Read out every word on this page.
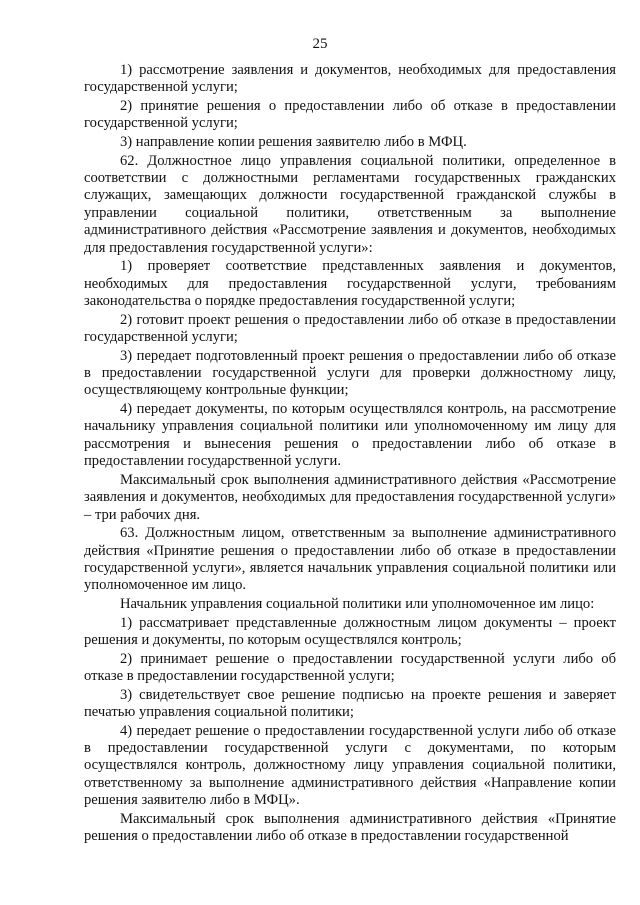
25

1) рассмотрение заявления и документов, необходимых для предоставления государственной услуги;

2) принятие решения о предоставлении либо об отказе в предоставлении государственной услуги;

3) направление копии решения заявителю либо в МФЦ.

62. Должностное лицо управления социальной политики, определенное в соответствии с должностными регламентами государственных гражданских служащих, замещающих должности государственной гражданской службы в управлении социальной политики, ответственным за выполнение административного действия «Рассмотрение заявления и документов, необходимых для предоставления государственной услуги»:

1) проверяет соответствие представленных заявления и документов, необходимых для предоставления государственной услуги, требованиям законодательства о порядке предоставления государственной услуги;

2) готовит проект решения о предоставлении либо об отказе в предоставлении государственной услуги;

3) передает подготовленный проект решения о предоставлении либо об отказе в предоставлении государственной услуги для проверки должностному лицу, осуществляющему контрольные функции;

4) передает документы, по которым осуществлялся контроль, на рассмотрение начальнику управления социальной политики или уполномоченному им лицу для рассмотрения и вынесения решения о предоставлении либо об отказе в предоставлении государственной услуги.

Максимальный срок выполнения административного действия «Рассмотрение заявления и документов, необходимых для предоставления государственной услуги» – три рабочих дня.

63. Должностным лицом, ответственным за выполнение административного действия «Принятие решения о предоставлении либо об отказе в предоставлении государственной услуги», является начальник управления социальной политики или уполномоченное им лицо.

Начальник управления социальной политики или уполномоченное им лицо:

1) рассматривает представленные должностным лицом документы – проект решения и документы, по которым осуществлялся контроль;

2) принимает решение о предоставлении государственной услуги либо об отказе в предоставлении государственной услуги;

3) свидетельствует свое решение подписью на проекте решения и заверяет печатью управления социальной политики;

4) передает решение о предоставлении государственной услуги либо об отказе в предоставлении государственной услуги с документами, по которым осуществлялся контроль, должностному лицу управления социальной политики, ответственному за выполнение административного действия «Направление копии решения заявителю либо в МФЦ».

Максимальный срок выполнения административного действия «Принятие решения о предоставлении либо об отказе в предоставлении государственной
